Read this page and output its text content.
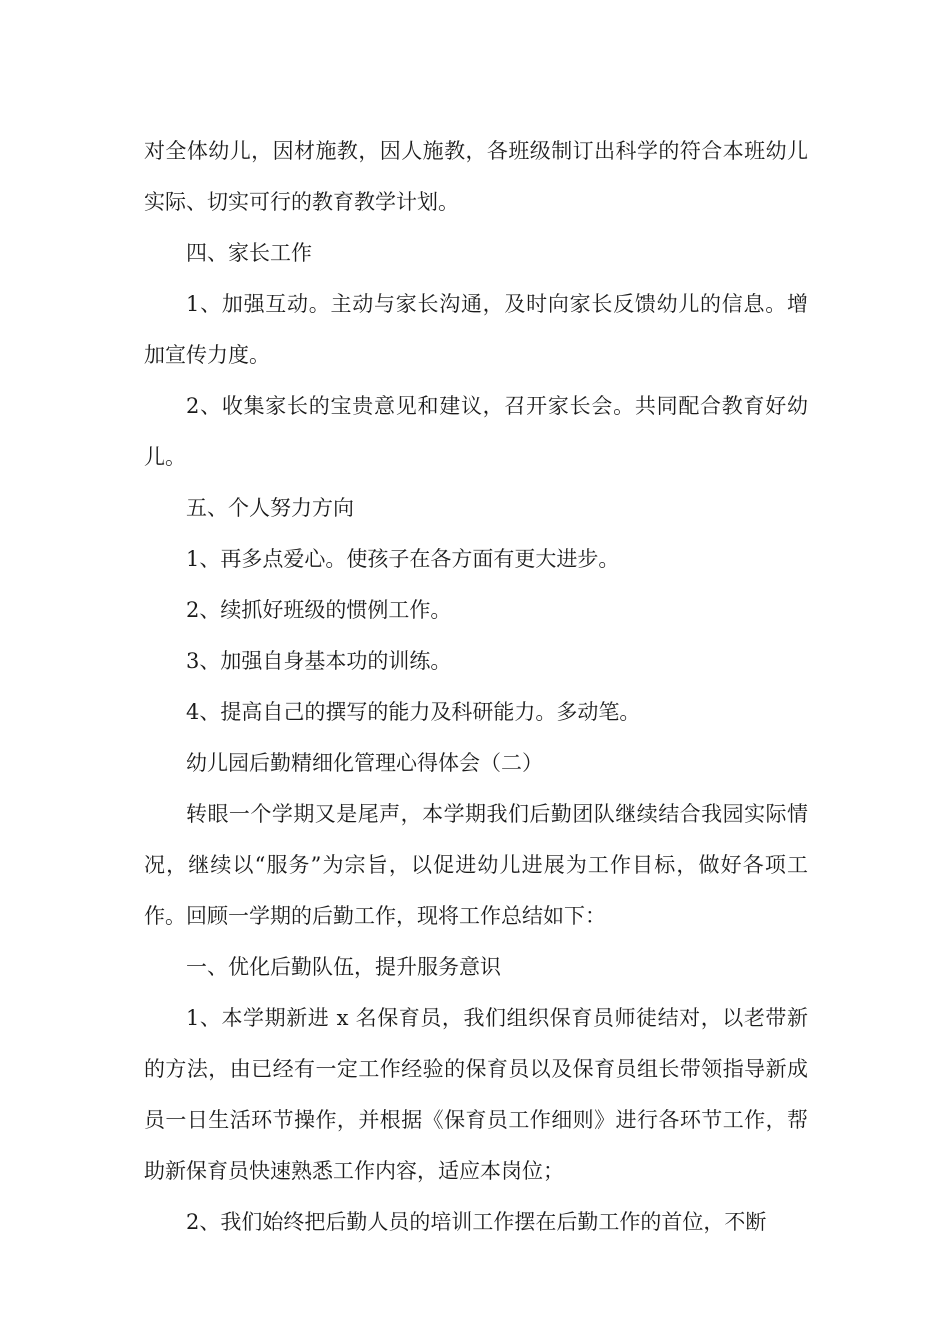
对全体幼儿，因材施教，因人施教，各班级制订出科学的符合本班幼儿实际、切实可行的教育教学计划。

四、家长工作

1、加强互动。主动与家长沟通，及时向家长反馈幼儿的信息。增加宣传力度。

2、收集家长的宝贵意见和建议，召开家长会。共同配合教育好幼儿。

五、个人努力方向

1、再多点爱心。使孩子在各方面有更大进步。

2、续抓好班级的惯例工作。

3、加强自身基本功的训练。

4、提高自己的撰写的能力及科研能力。多动笔。

幼儿园后勤精细化管理心得体会（二）

转眼一个学期又是尾声，本学期我们后勤团队继续结合我园实际情况，继续以“服务”为宗旨，以促进幼儿进展为工作目标，做好各项工作。回顾一学期的后勤工作，现将工作总结如下：

一、优化后勤队伍，提升服务意识

1、本学期新进 x 名保育员，我们组织保育员师徒结对，以老带新的方法，由已经有一定工作经验的保育员以及保育员组长带领指导新成员一日生活环节操作，并根据《保育员工作细则》进行各环节工作，帮助新保育员快速熟悉工作内容，适应本岗位；

2、我们始终把后勤人员的培训工作摆在后勤工作的首位，不断
